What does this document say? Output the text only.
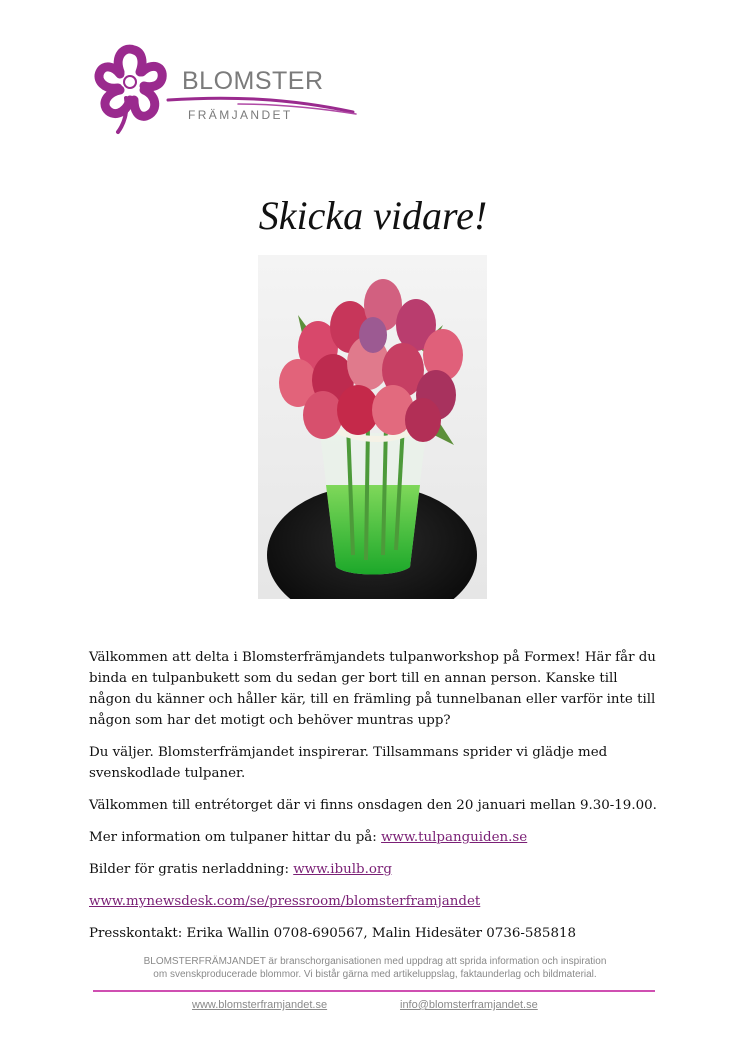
BLOMSTER
FRÄMJANDET
Skicka vidare!

Välkommen att delta i Blomsterfrämjandets tulpanworkshop på Formex! Här får du binda en tulpanbukett som du sedan ger bort till en annan person. Kanske till någon du känner och håller kär, till en främling på tunnelbanan eller varför inte till någon som har det motigt och behöver muntras upp?

Du väljer. Blomsterfrämjandet inspirerar. Tillsammans sprider vi glädje med svenskodlade tulpaner.

Välkommen till entrétorget där vi finns onsdagen den 20 januari mellan 9.30-19.00.

Mer information om tulpaner hittar du på: www.tulpanguiden.se

Bilder för gratis nerladdning: www.ibulb.org

www.mynewsdesk.com/se/pressroom/blomsterframjandet

Presskontakt: Erika Wallin 0708-690567, Malin Hidesäter 0736-585818

BLOMSTERFRÄMJANDET är branschorganisationen med uppdrag att sprida information och inspiration
om svenskproducerade blommor. Vi bistår gärna med artikeluppslag, faktaunderlag och bildmaterial.
www.blomsterframjandet.se	info@blomsterframjandet.se
